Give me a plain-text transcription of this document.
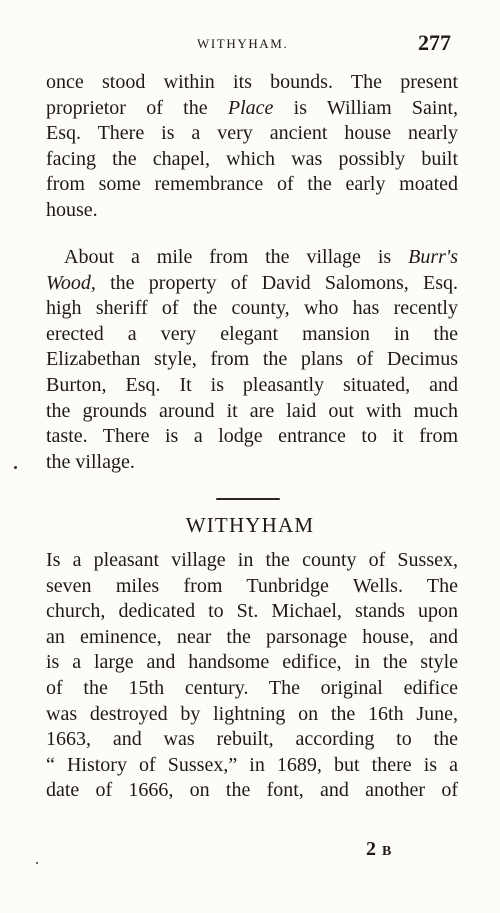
WITHYHAM.	277
once stood within its bounds. The present
proprietor of the Place is William Saint,
Esq. There is a very ancient house nearly
facing the chapel, which was possibly built
from some remembrance of the early moated
house.
About a mile from the village is Burr's
Wood, the property of David Salomons, Esq.
high sheriff of the county, who has recently
erected a very elegant mansion in the
Elizabethan style, from the plans of Decimus
Burton, Esq. It is pleasantly situated, and
the grounds around it are laid out with much
taste. There is a lodge entrance to it from
the village.
WITHYHAM
Is a pleasant village in the county of Sussex,
seven miles from Tunbridge Wells. The
church, dedicated to St. Michael, stands upon
an eminence, near the parsonage house, and
is a large and handsome edifice, in the style
of the 15th century. The original edifice
was destroyed by lightning on the 16th June,
1663, and was rebuilt, according to the
“ History of Sussex,” in 1689, but there is a
date of 1666, on the font, and another of
2B
